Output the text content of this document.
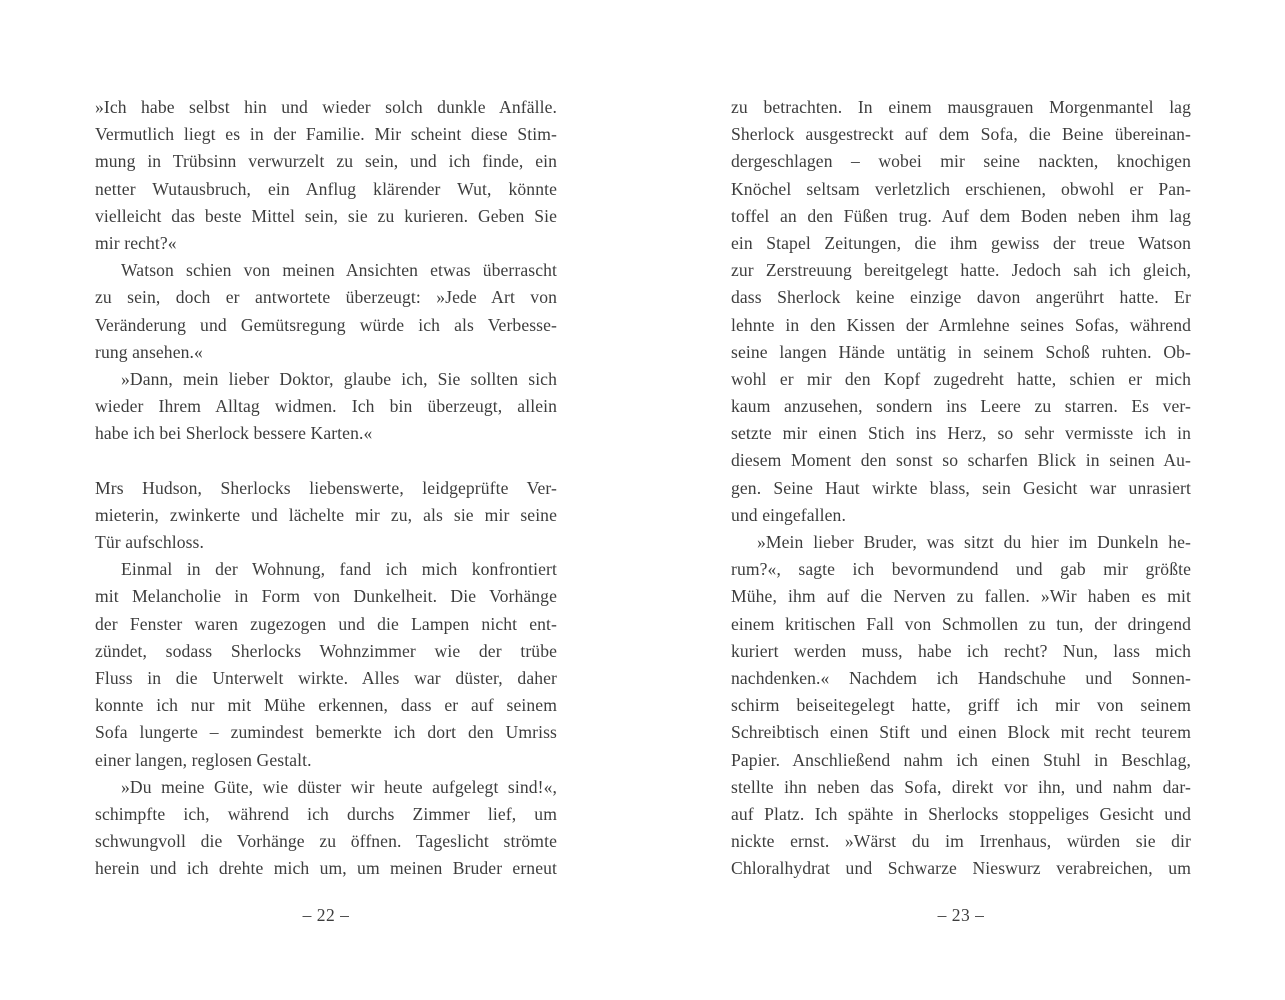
»Ich habe selbst hin und wieder solch dunkle Anfälle.
Vermutlich liegt es in der Familie. Mir scheint diese Stim-
mung in Trübsinn verwurzelt zu sein, und ich finde, ein
netter Wutausbruch, ein Anflug klärender Wut, könnte
vielleicht das beste Mittel sein, sie zu kurieren. Geben Sie
mir recht?«
Watson schien von meinen Ansichten etwas überrascht
zu sein, doch er antwortete überzeugt: »Jede Art von
Veränderung und Gemütsregung würde ich als Verbesse-
rung ansehen.«
»Dann, mein lieber Doktor, glaube ich, Sie sollten sich
wieder Ihrem Alltag widmen. Ich bin überzeugt, allein
habe ich bei Sherlock bessere Karten.«
Mrs Hudson, Sherlocks liebenswerte, leidgeprüfte Ver-
mieterin, zwinkerte und lächelte mir zu, als sie mir seine
Tür aufschloss.
Einmal in der Wohnung, fand ich mich konfrontiert
mit Melancholie in Form von Dunkelheit. Die Vorhänge
der Fenster waren zugezogen und die Lampen nicht ent-
zündet, sodass Sherlocks Wohnzimmer wie der trübe
Fluss in die Unterwelt wirkte. Alles war düster, daher
konnte ich nur mit Mühe erkennen, dass er auf seinem
Sofa lungerte – zumindest bemerkte ich dort den Umriss
einer langen, reglosen Gestalt.
»Du meine Güte, wie düster wir heute aufgelegt sind!«,
schimpfte ich, während ich durchs Zimmer lief, um
schwungvoll die Vorhänge zu öffnen. Tageslicht strömte
herein und ich drehte mich um, um meinen Bruder erneut
– 22 –
zu betrachten. In einem mausgrauen Morgenmantel lag
Sherlock ausgestreckt auf dem Sofa, die Beine übereinan-
dergeschlagen – wobei mir seine nackten, knochigen
Knöchel seltsam verletzlich erschienen, obwohl er Pan-
toffel an den Füßen trug. Auf dem Boden neben ihm lag
ein Stapel Zeitungen, die ihm gewiss der treue Watson
zur Zerstreuung bereitgelegt hatte. Jedoch sah ich gleich,
dass Sherlock keine einzige davon angerührt hatte. Er
lehnte in den Kissen der Armlehne seines Sofas, während
seine langen Hände untätig in seinem Schoß ruhten. Ob-
wohl er mir den Kopf zugedreht hatte, schien er mich
kaum anzusehen, sondern ins Leere zu starren. Es ver-
setzte mir einen Stich ins Herz, so sehr vermisste ich in
diesem Moment den sonst so scharfen Blick in seinen Au-
gen. Seine Haut wirkte blass, sein Gesicht war unrasiert
und eingefallen.
»Mein lieber Bruder, was sitzt du hier im Dunkeln he-
rum?«, sagte ich bevormundend und gab mir größte
Mühe, ihm auf die Nerven zu fallen. »Wir haben es mit
einem kritischen Fall von Schmollen zu tun, der dringend
kuriert werden muss, habe ich recht? Nun, lass mich
nachdenken.« Nachdem ich Handschuhe und Sonnen-
schirm beiseitegelegt hatte, griff ich mir von seinem
Schreibtisch einen Stift und einen Block mit recht teurem
Papier. Anschließend nahm ich einen Stuhl in Beschlag,
stellte ihn neben das Sofa, direkt vor ihn, und nahm dar-
auf Platz. Ich spähte in Sherlocks stoppeliges Gesicht und
nickte ernst. »Wärst du im Irrenhaus, würden sie dir
Chloralhydrat und Schwarze Nieswurz verabreichen, um
– 23 –
